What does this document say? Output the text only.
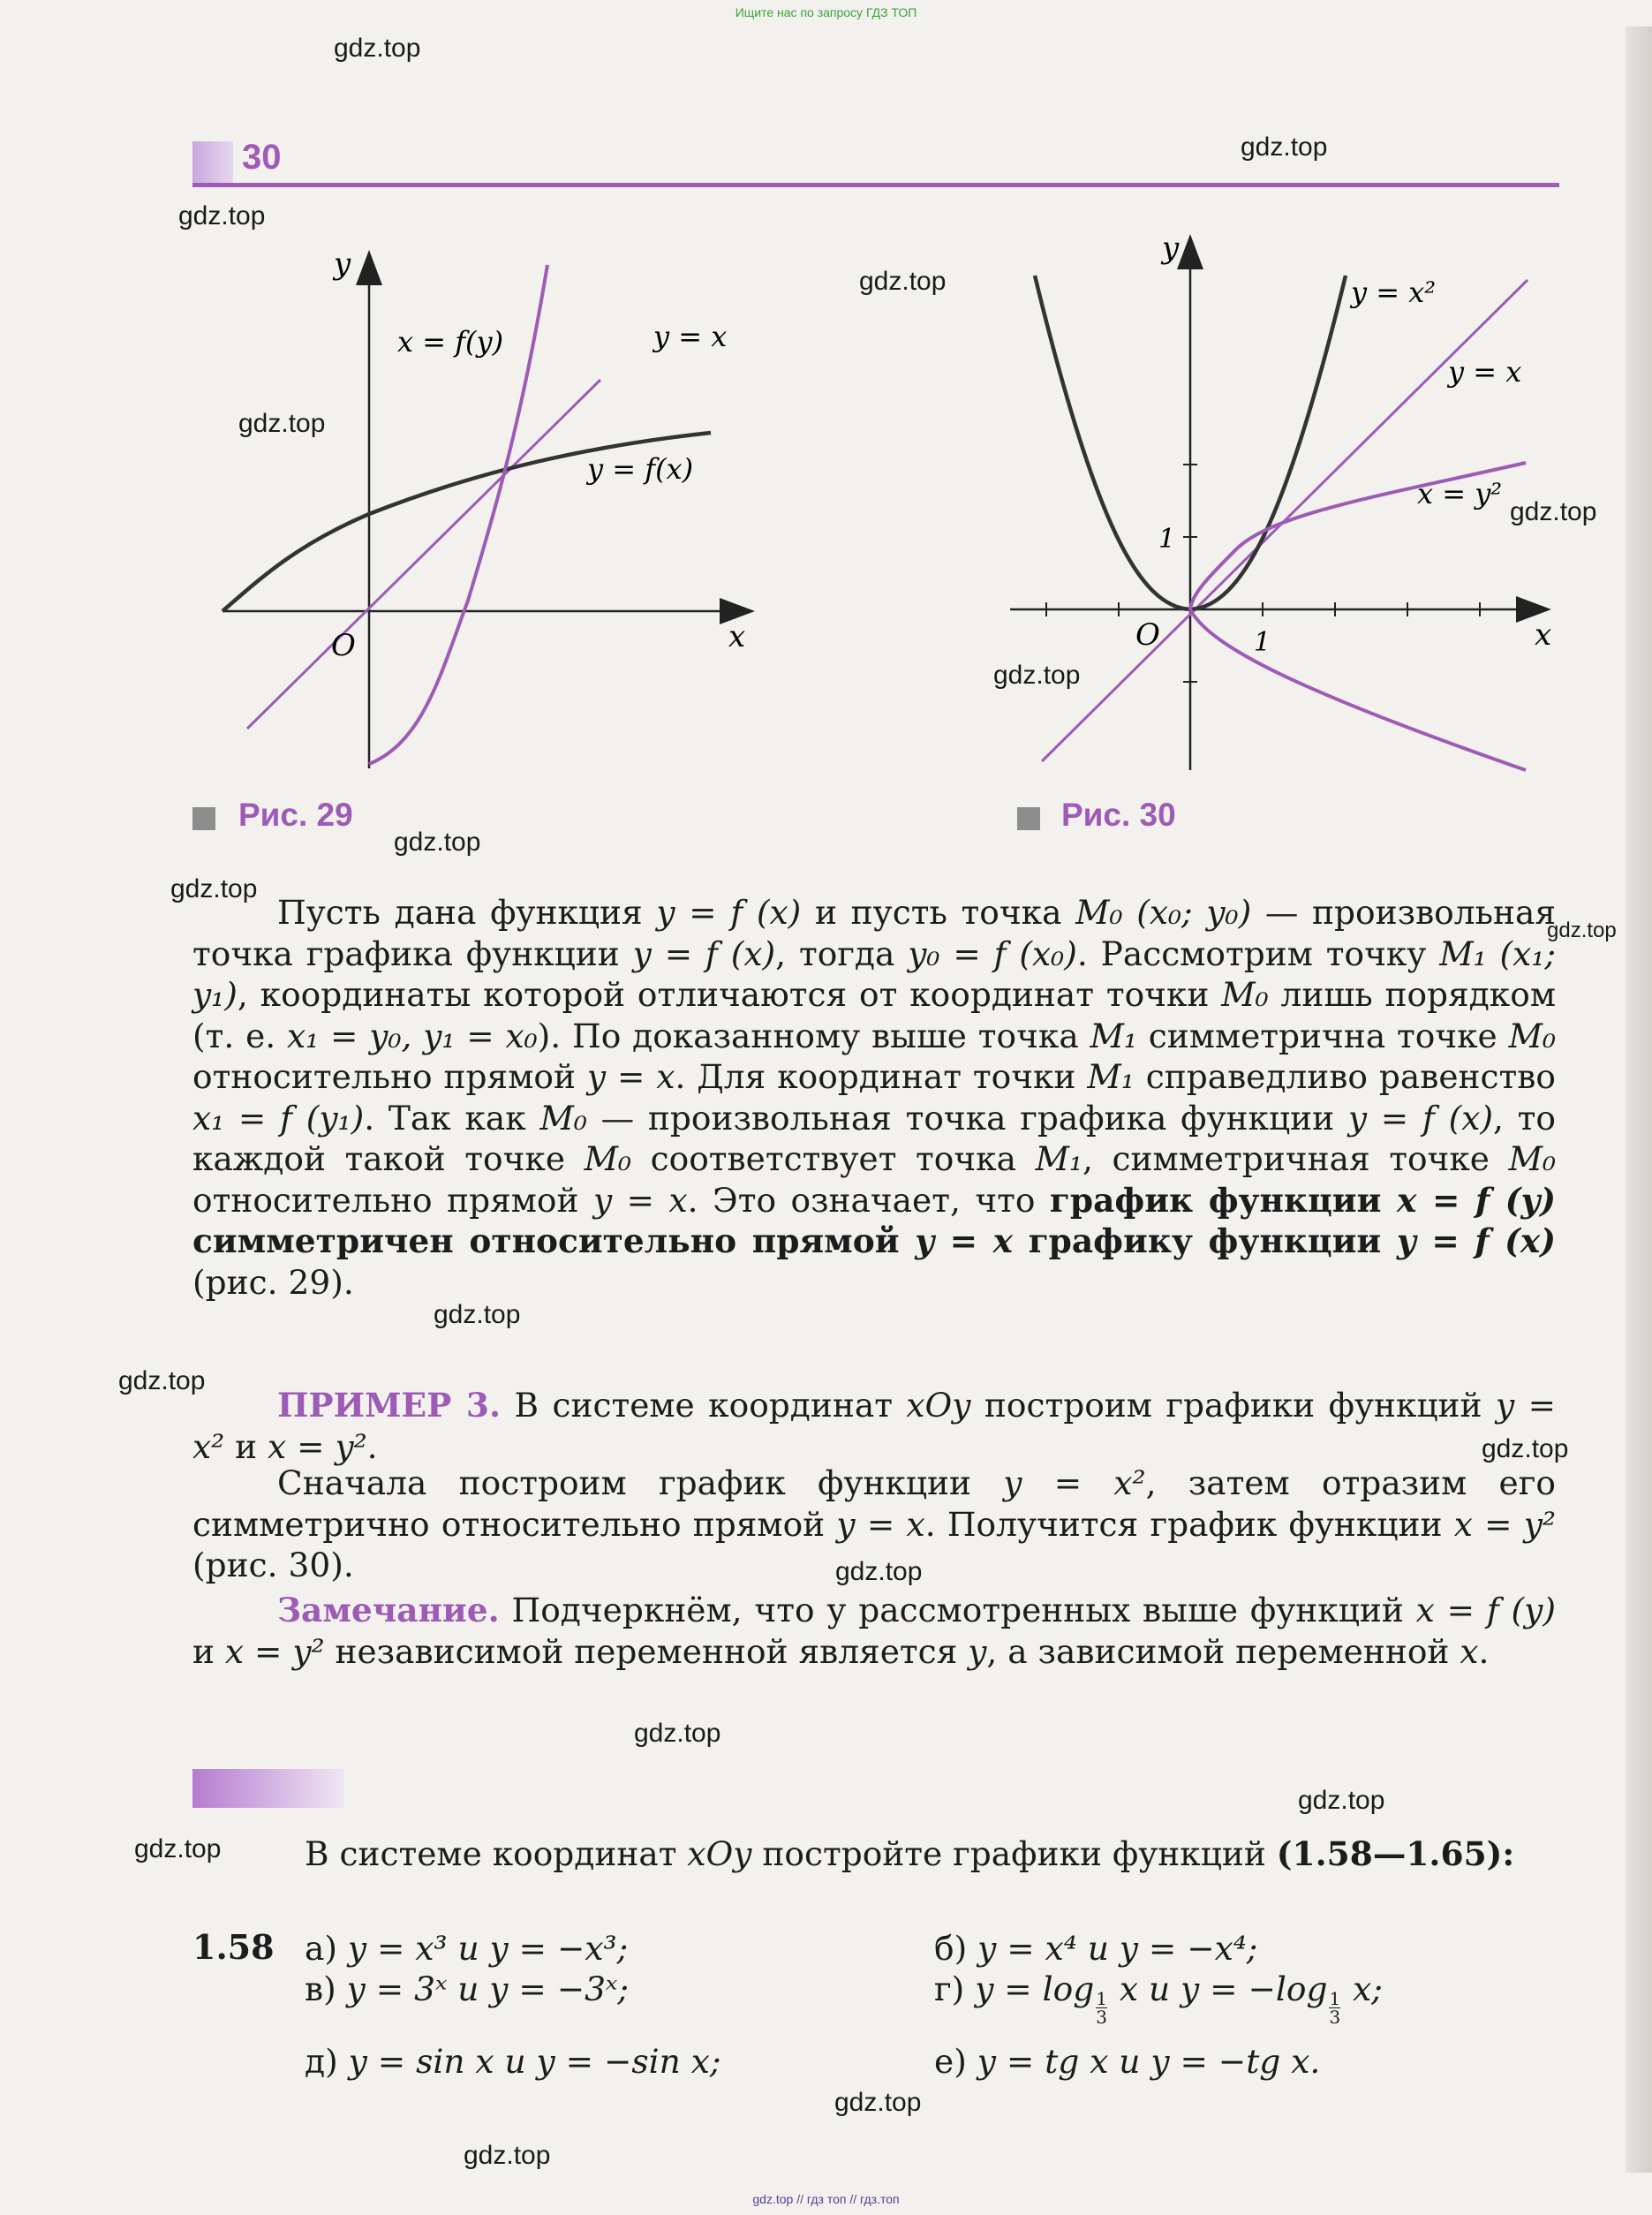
Ищите нас по запросу ГДЗ ТОП
gdz.top // гдз топ // гдз.топ
gdz.top
gdz.top
gdz.top
gdz.top
gdz.top
gdz.top
gdz.top
gdz.top
gdz.top
gdz.top
gdz.top
gdz.top
gdz.top
gdz.top
gdz.top
gdz.top
gdz.top
gdz.top
gdz.top
30
y
x
O
x = f(y)	y = x
y = f(x)
Рис. 29
y
x
O
y = x²
y = x
x = y²
1
1
Рис. 30

Пусть дана функция y = f (x) и пусть точка M₀ (x₀; y₀) — произвольная точка графика функции y = f (x), тогда y₀ = f (x₀). Рассмотрим точку M₁ (x₁; y₁), координаты которой отличаются от координат точки M₀ лишь порядком (т. е. x₁ = y₀, y₁ = x₀). По доказанному выше точка M₁ симметрична точке M₀ относительно прямой y = x. Для координат точки M₁ справедливо равенство x₁ = f (y₁). Так как M₀ — произвольная точка графика функции y = f (x), то каждой такой точке M₀ соответствует точка M₁, симметричная точке M₀ относительно прямой y = x. Это означает, что график функции x = f (y) симметричен относительно прямой y = x графику функции y = f (x) (рис. 29).

ПРИМЕР 3. В системе координат xOy построим графики функций y = x² и x = y².

Сначала построим график функции y = x², затем отразим его симметрично относительно прямой y = x. Получится график функции x = y² (рис. 30).

Замечание. Подчеркнём, что у рассмотренных выше функций x = f (y) и x = y² независимой переменной является y, а зависимой переменной x.

В системе координат xOy постройте графики функций (1.58—1.65):

1.58 а) y = x³ и y = −x³;	б) y = x⁴ и y = −x⁴;
в) y = 3ˣ и y = −3ˣ;	г) $y = \log \frac{1}{3}$ x и $y = -\log \frac{1}{3} x$;
д) y = sin x и y = −sin x;	е) y = tg x и y = −tg x.
